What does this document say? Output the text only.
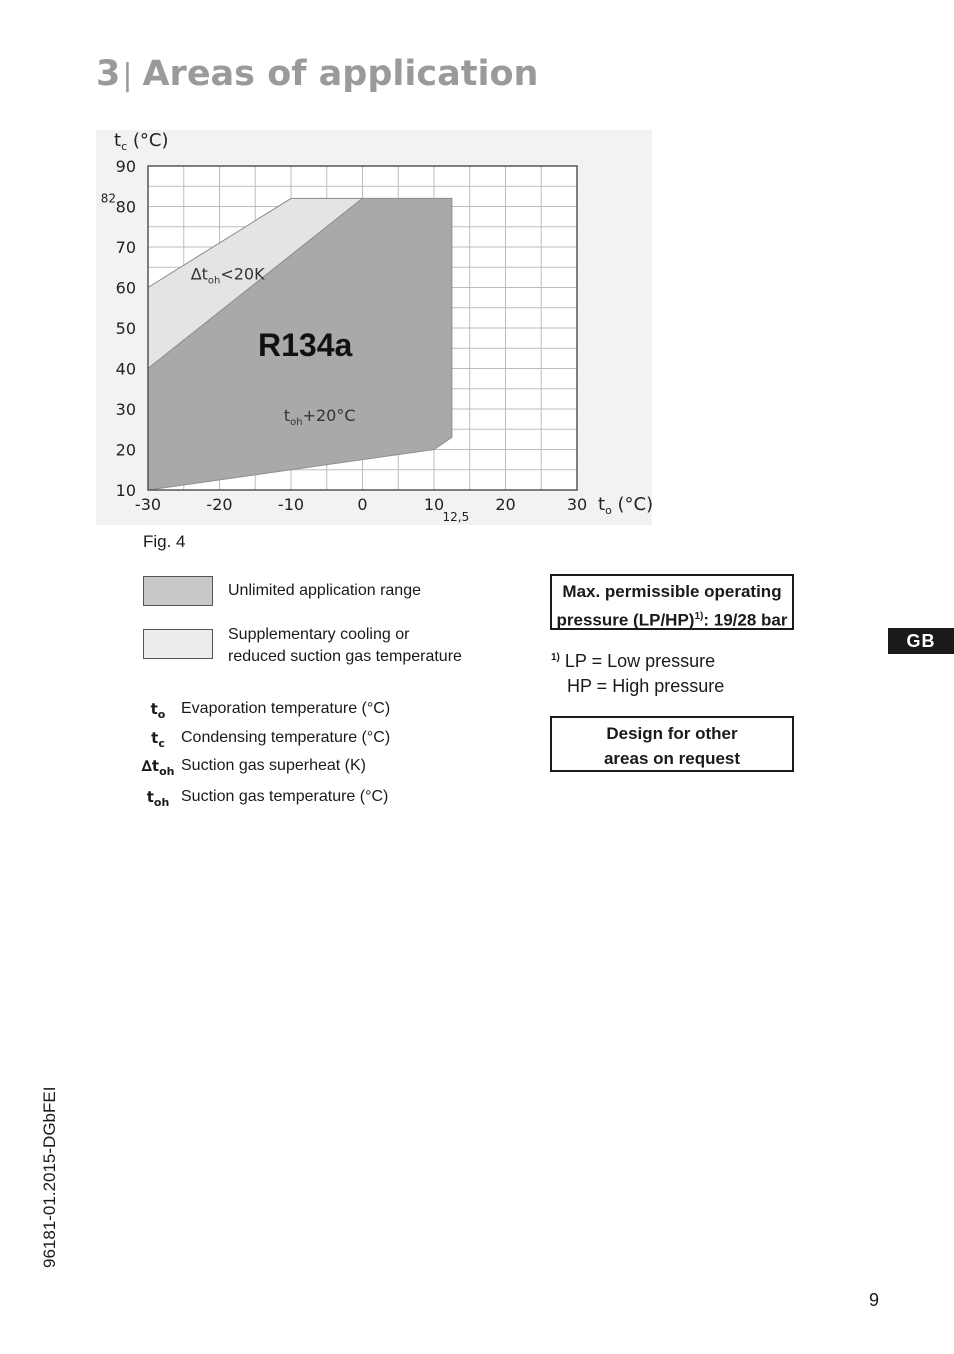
3| Areas of application
10
20
30
40
50
60
70
80
90
-30	-20	-10	0	10	20	30
12,5
82
$t_c$ (°C)
$t_o$ (°C)
R134a
$\Delta t_{oh}<20K$
$t_{oh}+20^\circ C$
Fig. 4
Unlimited application range
Supplementary cooling or
reduced suction gas temperature
$t_o$ Evaporation temperature (°C)
$t_c$	Condensing temperature (°C)
$\Delta t_{oh}$ Suction gas superheat (K)
$t_{oh}$ Suction gas temperature (°C)
Max. permissible operating
pressure $(LP/HP)^{1)}$: 19/28 bar
$^{1)}$ LP = Low pressure
HP = High pressure
Design for other
areas on request
GB
96181-01.2015-DGbFEI
9
